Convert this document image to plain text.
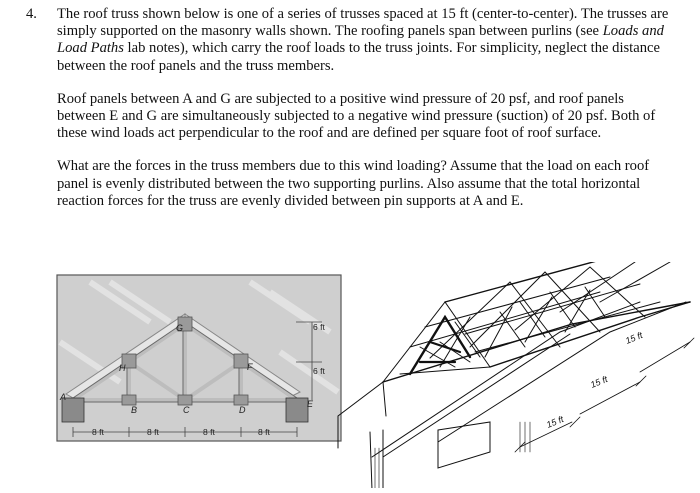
4. The roof truss shown below is one of a series of trusses spaced at 15 ft (center-to-center). The trusses are simply supported on the masonry walls shown. The roofing panels span between purlins (see Loads and Load Paths lab notes), which carry the roof loads to the truss joints. For simplicity, neglect the distance between the roof panels and the truss members.

Roof panels between A and G are subjected to a positive wind pressure of 20 psf, and roof panels between E and G are simultaneously subjected to a negative wind pressure (suction) of 20 psf. Both of these wind loads act perpendicular to the roof and are defined per square foot of roof surface.

What are the forces in the truss members due to this wind loading? Assume that the load on each roof panel is evenly distributed between the two supporting purlins. Also assume that the total horizontal reaction forces for the truss are evenly divided between pin supports at A and E.

A
B	C	D
E
F
G
H
6 ft
6 ft
8 ft	8 ft	8 ft	8 ft
15 ft
15 ft
15 ft
